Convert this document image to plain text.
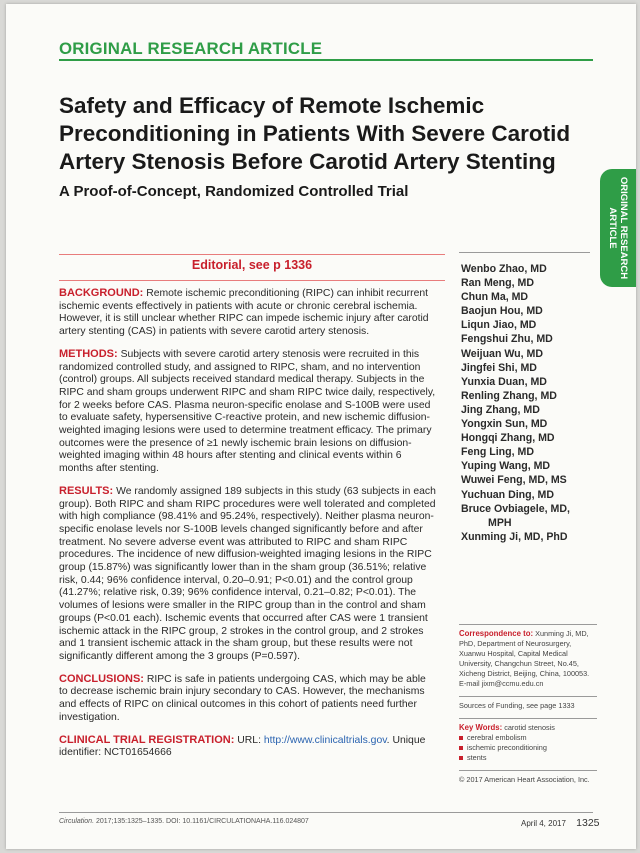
ORIGINAL RESEARCH ARTICLE
Safety and Efficacy of Remote Ischemic
Preconditioning in Patients With Severe Carotid
Artery Stenosis Before Carotid Artery Stenting
A Proof-of-Concept, Randomized Controlled Trial	ORIGINAL RESEARCH
ARTICLE
Editorial, see p 1336

BACKGROUND: Remote ischemic preconditioning (RIPC) can inhibit recurrent ischemic events effectively in patients with acute or chronic cerebral ischemia. However, it is still unclear whether RIPC can impede ischemic injury after carotid artery stenting (CAS) in patients with severe carotid artery stenosis.

METHODS: Subjects with severe carotid artery stenosis were recruited in this randomized controlled study, and assigned to RIPC, sham, and no intervention (control) groups. All subjects received standard medical therapy. Subjects in the RIPC and sham groups underwent RIPC and sham RIPC twice daily, respectively, for 2 weeks before CAS. Plasma neuron-specific enolase and S-100B were used to evaluate safety, hypersensitive C-reactive protein, and new ischemic diffusion-weighted imaging lesions were used to determine treatment efficacy. The primary outcomes were the presence of ≥1 newly ischemic brain lesions on diffusion-weighted imaging within 48 hours after stenting and clinical events within 6 months after stenting.

RESULTS: We randomly assigned 189 subjects in this study (63 subjects in each group). Both RIPC and sham RIPC procedures were well tolerated and completed with high compliance (98.41% and 95.24%, respectively). Neither plasma neuron-specific enolase levels nor S-100B levels changed significantly before and after treatment. No severe adverse event was attributed to RIPC and sham RIPC procedures. The incidence of new diffusion-weighted imaging lesions in the RIPC group (15.87%) was significantly lower than in the sham group (36.51%; relative risk, 0.44; 96% confidence interval, 0.20–0.91; P<0.01) and the control group (41.27%; relative risk, 0.39; 96% confidence interval, 0.21–0.82; P<0.01). The volumes of lesions were smaller in the RIPC group than in the control and sham groups (P<0.01 each). Ischemic events that occurred after CAS were 1 transient ischemic attack in the RIPC group, 2 strokes in the control group, and 2 strokes and 1 transient ischemic attack in the sham group, but these results were not significantly different among the 3 groups (P=0.597).

CONCLUSIONS: RIPC is safe in patients undergoing CAS, which may be able to decrease ischemic brain injury secondary to CAS. However, the mechanisms and effects of RIPC on clinical outcomes in this cohort of patients need further investigation.

CLINICAL TRIAL REGISTRATION: URL: http://www.clinicaltrials.gov. Unique identifier: NCT01654666

Wenbo Zhao, MD
Ran Meng, MD
Chun Ma, MD
Baojun Hou, MD
Liqun Jiao, MD
Fengshui Zhu, MD
Weijuan Wu, MD
Jingfei Shi, MD
Yunxia Duan, MD
Renling Zhang, MD
Jing Zhang, MD
Yongxin Sun, MD
Hongqi Zhang, MD
Feng Ling, MD
Yuping Wang, MD
Wuwei Feng, MD, MS
Yuchuan Ding, MD
Bruce Ovbiagele, MD,
MPH
Xunming Ji, MD, PhD
Correspondence to: Xunming Ji, MD, PhD, Department of Neurosurgery, Xuanwu Hospital, Capital Medical University, Changchun Street, No.45, Xicheng District, Beijing, China, 100053. E-mail jixm@ccmu.edu.cn
Sources of Funding, see page 1333
Key Words: carotid stenosis
cerebral embolism
ischemic preconditioning
stents
© 2017 American Heart Association, Inc.
Circulation. 2017;135:1325–1335. DOI: 10.1161/CIRCULATIONAHA.116.024807	April 4, 2017 1325
